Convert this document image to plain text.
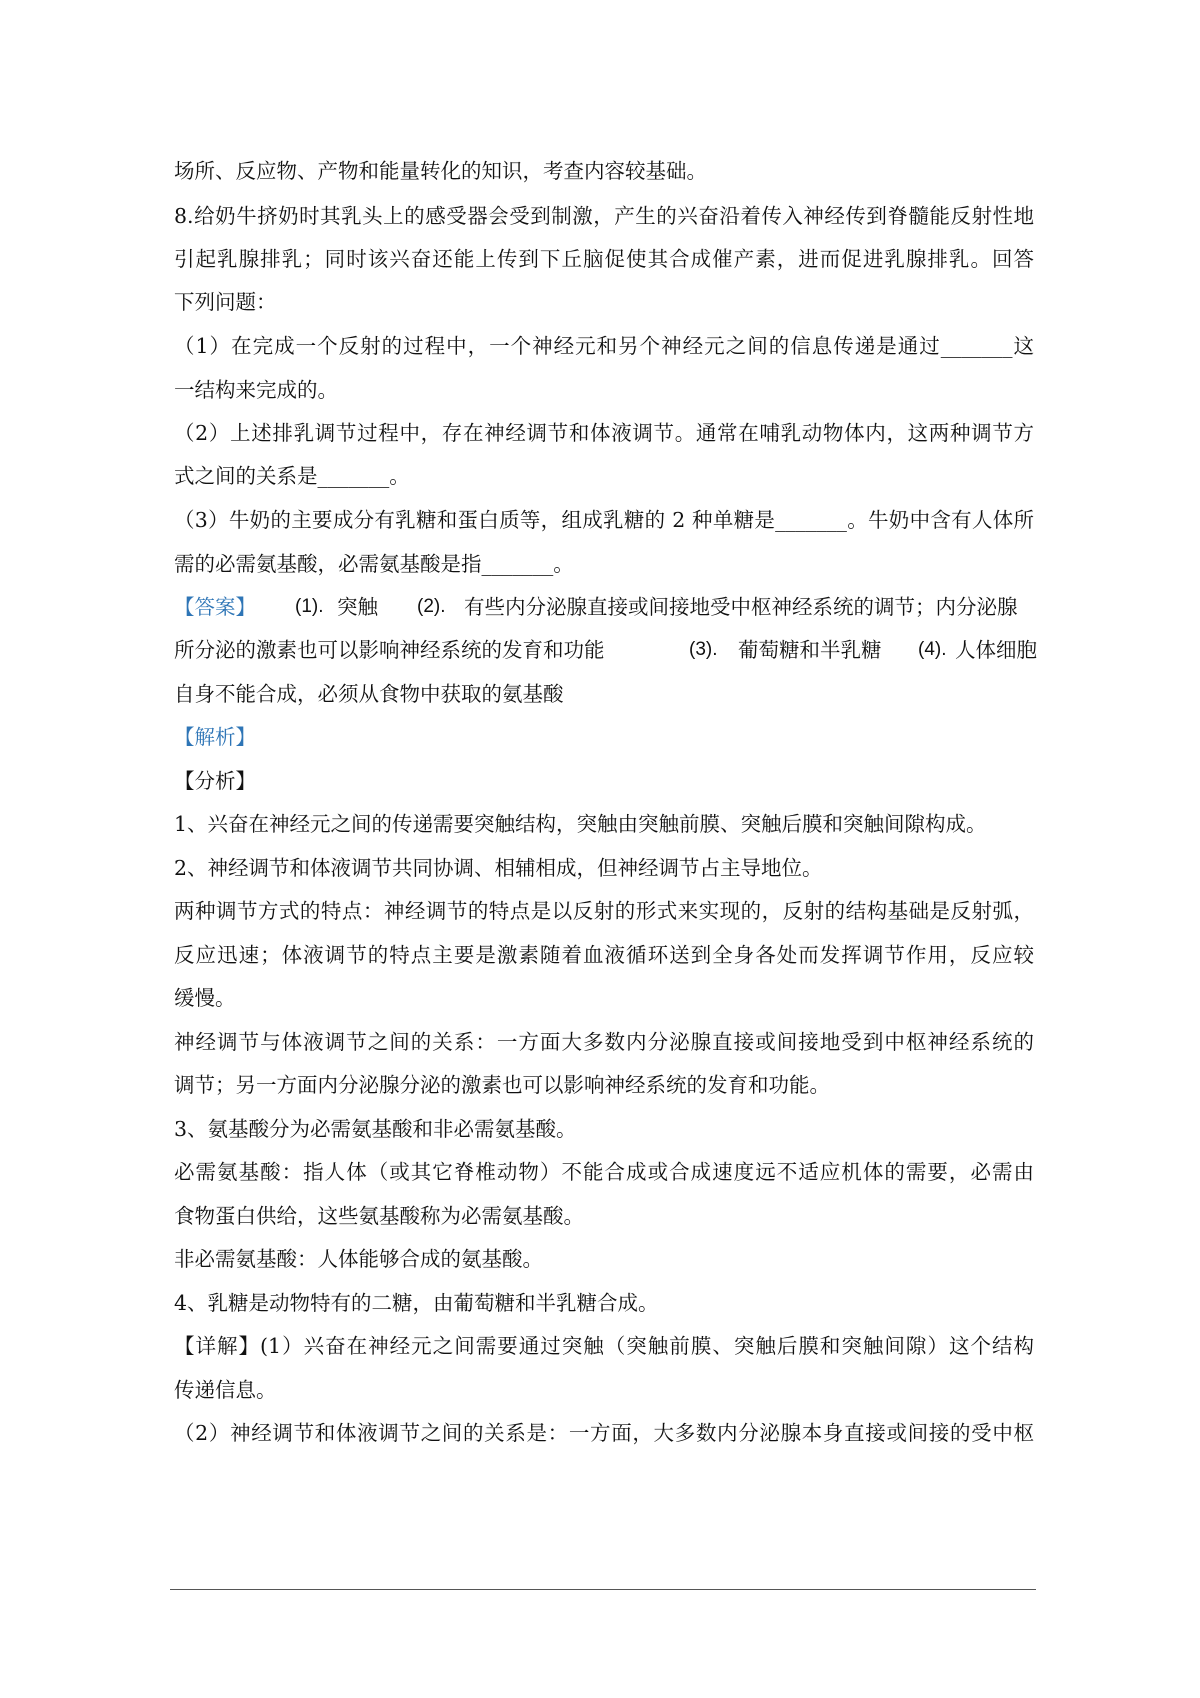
场所、反应物、产物和能量转化的知识，考查内容较基础。
8.给奶牛挤奶时其乳头上的感受器会受到制激，产生的兴奋沿着传入神经传到脊髓能反射性地
引起乳腺排乳；同时该兴奋还能上传到下丘脑促使其合成催产素，进而促进乳腺排乳。回答
下列问题：
（1）在完成一个反射的过程中，一个神经元和另个神经元之间的信息传递是通过_______这
一结构来完成的。
（2）上述排乳调节过程中，存在神经调节和体液调节。通常在哺乳动物体内，这两种调节方
式之间的关系是_______。
（3）牛奶的主要成分有乳糖和蛋白质等，组成乳糖的 2 种单糖是_______。牛奶中含有人体所
需的必需氨基酸，必需氨基酸是指_______。
【答案】 (1). 突触 (2). 有些内分泌腺直接或间接地受中枢神经系统的调节；内分泌腺
所分泌的激素也可以影响神经系统的发育和功能	(3). 葡萄糖和半乳糖 (4). 人体细胞
自身不能合成，必须从食物中获取的氨基酸
【解析】
【分析】
1、兴奋在神经元之间的传递需要突触结构，突触由突触前膜、突触后膜和突触间隙构成。
2、神经调节和体液调节共同协调、相辅相成，但神经调节占主导地位。
两种调节方式的特点：神经调节的特点是以反射的形式来实现的，反射的结构基础是反射弧，
反应迅速；体液调节的特点主要是激素随着血液循环送到全身各处而发挥调节作用，反应较
缓慢。
神经调节与体液调节之间的关系：一方面大多数内分泌腺直接或间接地受到中枢神经系统的
调节；另一方面内分泌腺分泌的激素也可以影响神经系统的发育和功能。
3、氨基酸分为必需氨基酸和非必需氨基酸。
必需氨基酸：指人体（或其它脊椎动物）不能合成或合成速度远不适应机体的需要，必需由
食物蛋白供给，这些氨基酸称为必需氨基酸。
非必需氨基酸：人体能够合成的氨基酸。
4、乳糖是动物特有的二糖，由葡萄糖和半乳糖合成。
【详解】(1）兴奋在神经元之间需要通过突触（突触前膜、突触后膜和突触间隙）这个结构
传递信息。
（2）神经调节和体液调节之间的关系是：一方面，大多数内分泌腺本身直接或间接的受中枢
